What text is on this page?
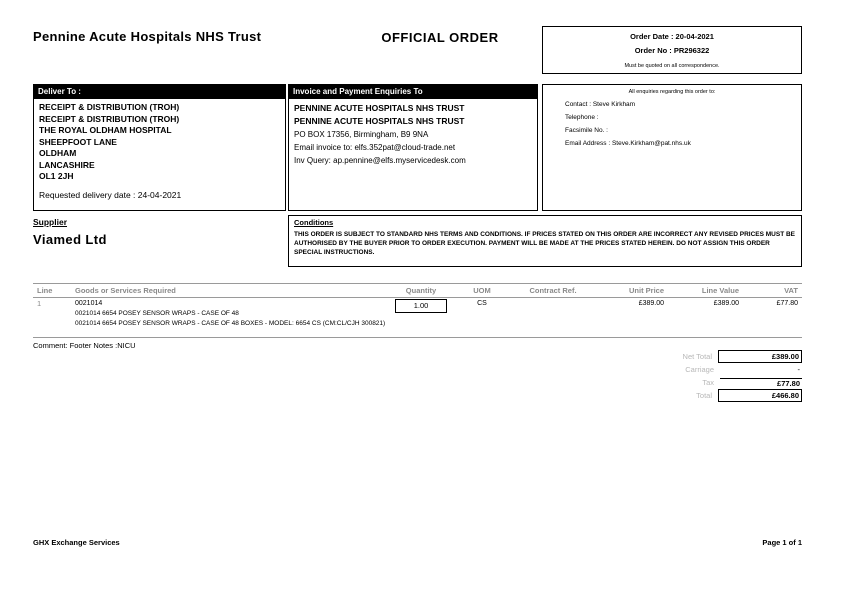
Pennine Acute Hospitals NHS Trust	OFFICIAL ORDER	Order Date : 20-04-2021
Order No : PR296322
Must be quoted on all correspondence.
Deliver To :
RECEIPT & DISTRIBUTION (TROH)
RECEIPT & DISTRIBUTION (TROH)
THE ROYAL OLDHAM HOSPITAL
SHEEPFOOT LANE
OLDHAM
LANCASHIRE
OL1 2JH
Requested delivery date : 24-04-2021
Invoice and Payment Enquiries To
PENNINE ACUTE HOSPITALS NHS TRUST
PENNINE ACUTE HOSPITALS NHS TRUST
PO BOX 17356, Birmingham, B9 9NA
Email invoice to: elfs.352pat@cloud-trade.net
Inv Query: ap.pennine@elfs.myservicedesk.com
All enquiries regarding this order to:
Contact : Steve Kirkham
Telephone :
Facsimile No. :
Email Address : Steve.Kirkham@pat.nhs.uk
Supplier
Viamed Ltd
Conditions
THIS ORDER IS SUBJECT TO STANDARD NHS TERMS AND CONDITIONS. IF PRICES STATED ON THIS ORDER ARE INCORRECT ANY REVISED PRICES MUST BE AUTHORISED BY THE BUYER PRIOR TO ORDER EXECUTION. PAYMENT WILL BE MADE AT THE PRICES STATED HEREIN. DO NOT ASSIGN THIS ORDER SPECIAL INSTRUCTIONS.
Line	Goods or Services Required	Quantity	UOM	Contract Ref.	Unit Price	Line Value	VAT
1	0021014
0021014 6654 POSEY SENSOR WRAPS - CASE OF 48
0021014 6654 POSEY SENSOR WRAPS - CASE OF 48 BOXES - MODEL: 6654 CS (CM:CL/CJH 300821)	1.00	CS		£389.00	£389.00	£77.80
Comment: Footer Notes :NICU
Net Total	£389.00
Carriage	-
Tax	£77.80
Total	£466.80
GHX Exchange Services	Page 1 of 1
